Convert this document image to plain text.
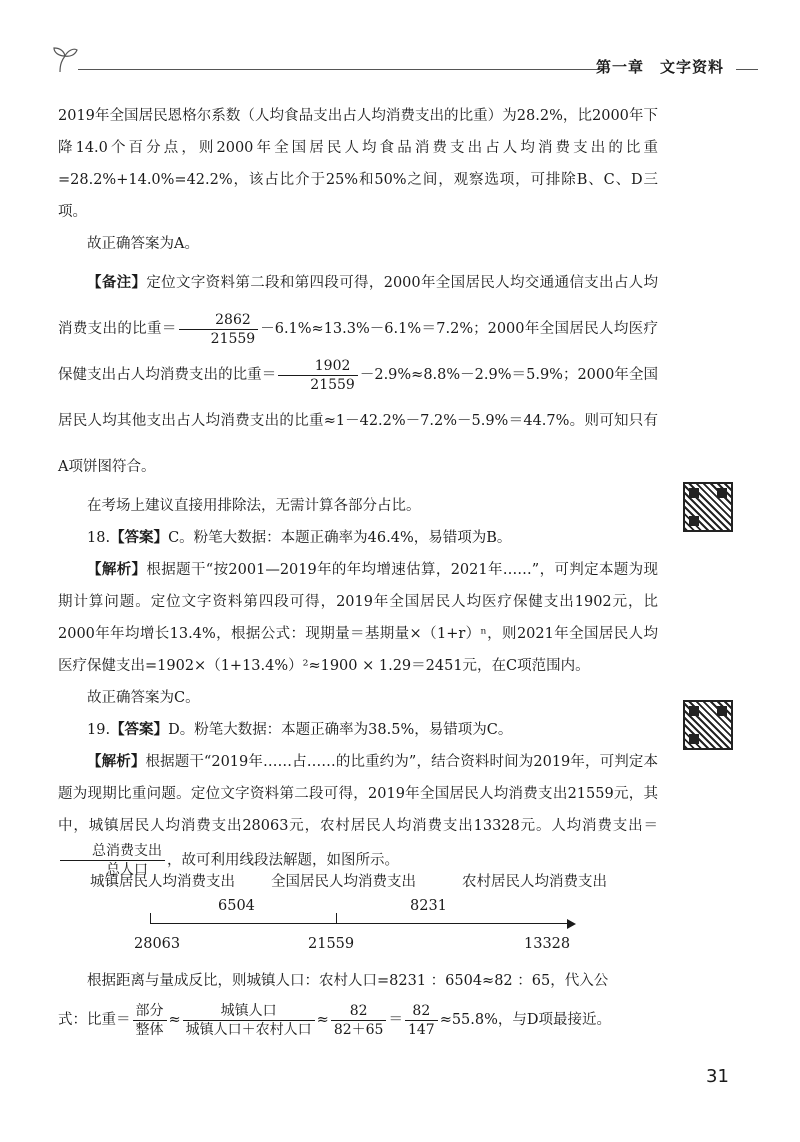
第一章　文字资料

2019年全国居民恩格尔系数（人均食品支出占人均消费支出的比重）为28.2%，比2000年下降14.0个百分点，则2000年全国居民人均食品消费支出占人均消费支出的比重=28.2%+14.0%=42.2%，该占比介于25%和50%之间，观察选项，可排除B、C、D三项。

故正确答案为A。

【备注】定位文字资料第二段和第四段可得，2000年全国居民人均交通通信支出占人均消费支出的比重＝ $\frac{2862}{21559} -6.1\%\approx 13.3\%-6.1\%=7.2\%$；2000年全国居民人均医疗保健支出占人均消费支出的比重＝ $\frac{1902}{21559} -2.9\%\approx 8.8\%-2.9\%=5.9\%$；2000年全国居民人均其他支出占人均消费支出的比重≈1－42.2%－7.2%－5.9%＝44.7%。则可知只有A项饼图符合。

在考场上建议直接用排除法，无需计算各部分占比。

18.【答案】C。粉笔大数据：本题正确率为46.4%，易错项为B。

【解析】根据题干“按2001—2019年的年均增速估算，2021年……”，可判定本题为现期计算问题。定位文字资料第四段可得，2019年全国居民人均医疗保健支出1902元，比2000年年均增长13.4%，根据公式：现期量＝基期量×（1+r）ⁿ，则2021年全国居民人均医疗保健支出=1902×（1+13.4%）²≈1900 × 1.29＝2451元，在C项范围内。

故正确答案为C。

19.【答案】D。粉笔大数据：本题正确率为38.5%，易错项为C。

【解析】根据题干“2019年……占……的比重约为”，结合资料时间为2019年，可判定本题为现期比重问题。定位文字资料第二段可得，2019年全国居民人均消费支出21559元，其中，城镇居民人均消费支出28063元，农村居民人均消费支出13328元。人均消费支出＝
$\frac{\text{总消费支出}}{\text{总人口}}$ ，故可利用线段法解题，如图所示。

城镇居民人均消费支出 全国居民人均消费支出	农村居民人均消费支出
6504	8231
28063	21559	13328

根据距离与量成反比，则城镇人口：农村人口=8231 ：6504≈82 ：65，代入公

式：比重＝ $\frac{\text{部分}}{\text{整体}} \approx \frac{\text{城镇人口}}{\text{城镇人口＋农村人口}} \approx \frac{82}{82+65} = \frac{82}{147} \approx 55.8\%$，与D项最接近。

31
